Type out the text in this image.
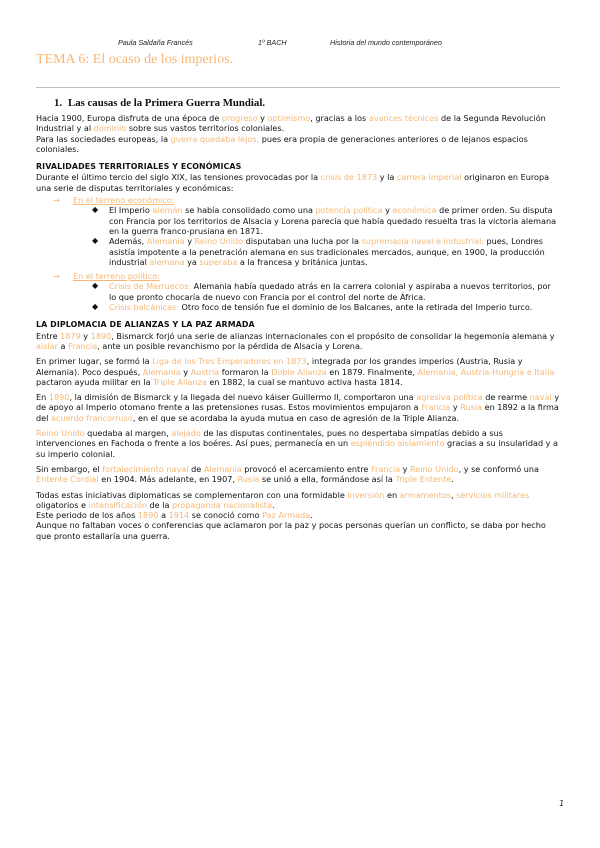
Paula Saldaña Francés	1º BACH	Historia del mundo contemporáneo
TEMA 6: El ocaso de los imperios.
1. Las causas de la Primera Guerra Mundial.

Hacia 1900, Europa disfruta de una época de progreso y optimismo, gracias a los avances técnicos de la Segunda Revolución Industrial y al dominio sobre sus vastos territorios coloniales.

Para las sociedades europeas, la guerra quedaba lejos, pues era propia de generaciones anteriores o de lejanos espacios coloniales.

RIVALIDADES TERRITORIALES Y ECONÓMICAS

Durante el último tercio del siglo XIX, las tensiones provocadas por la crisis de 1873 y la carrera imperial originaron en Europa una serie de disputas territoriales y económicas:

→ En el terreno económico:
◆ El Imperio alemán se había consolidado como una potencia política y económica de primer orden. Su disputa con Francia por los territorios de Alsacia y Lorena parecía que había quedado resuelta tras la victoria alemana en la guerra franco-prusiana en 1871.
◆ Además, Alemania y Reino Unido disputaban una lucha por la supremacía naval e industrial, pues, Londres asistía impotente a la penetración alemana en sus tradicionales mercados, aunque, en 1900, la producción industrial alemana ya superaba a la francesa y británica juntas.
→ En el terreno político:
◆ Crisis de Marruecos: Alemania había quedado atrás en la carrera colonial y aspiraba a nuevos territorios, por lo que pronto chocaría de nuevo con Francia por el control del norte de África.
◆ Crisis balcánicas: Otro foco de tensión fue el dominio de los Balcanes, ante la retirada del Imperio turco.
LA DIPLOMACIA DE ALIANZAS Y LA PAZ ARMADA

Entre 1879 y 1890, Bismarck forjó una serie de alianzas internacionales con el propósito de consolidar la hegemonía alemana y aislar a Francia, ante un posible revanchismo por la pérdida de Alsacia y Lorena.

En primer lugar, se formó la Liga de los Tres Emperadores en 1873, integrada por los grandes imperios (Austria, Rusia y Alemania). Poco después, Alemania y Austria formaron la Doble Alianza en 1879. Finalmente, Alemania, Austria-Hungría e Italia pactaron ayuda militar en la Triple Alianza en 1882, la cual se mantuvo activa hasta 1814.

En 1890, la dimisión de Bismarck y la llegada del nuevo káiser Guillermo II, comportaron una agresiva política de rearme naval y de apoyo al Imperio otomano frente a las pretensiones rusas. Estos movimientos empujaron a Francia y Rusia en 1892 a la firma del acuerdo francorruso, en el que se acordaba la ayuda mutua en caso de agresión de la Triple Alianza.

Reino Unido quedaba al margen, alejado de las disputas continentales, pues no despertaba simpatías debido a sus intervenciones en Fachoda o frente a los boéres. Así pues, permanecía en un espléndido aislamiento gracias a su insularidad y a su imperio colonial.

Sin embargo, el fortalecimiento naval de Alemania provocó el acercamiento entre Francia y Reino Unido, y se conformó una Entente Cordial en 1904. Más adelante, en 1907, Rusia se unió a ella, formándose así la Triple Entente.

Todas estas iniciativas diplomaticas se complementaron con una formidable inversión en armamentos, servicios militares oligatorios e intensificación de la propaganda nacionalista.

Este periodo de los años 1890 a 1914 se conoció como Paz Armada.

Aunque no faltaban voces o conferencias que aclamaron por la paz y pocas personas querían un conflicto, se daba por hecho que pronto estallaría una guerra.

1
